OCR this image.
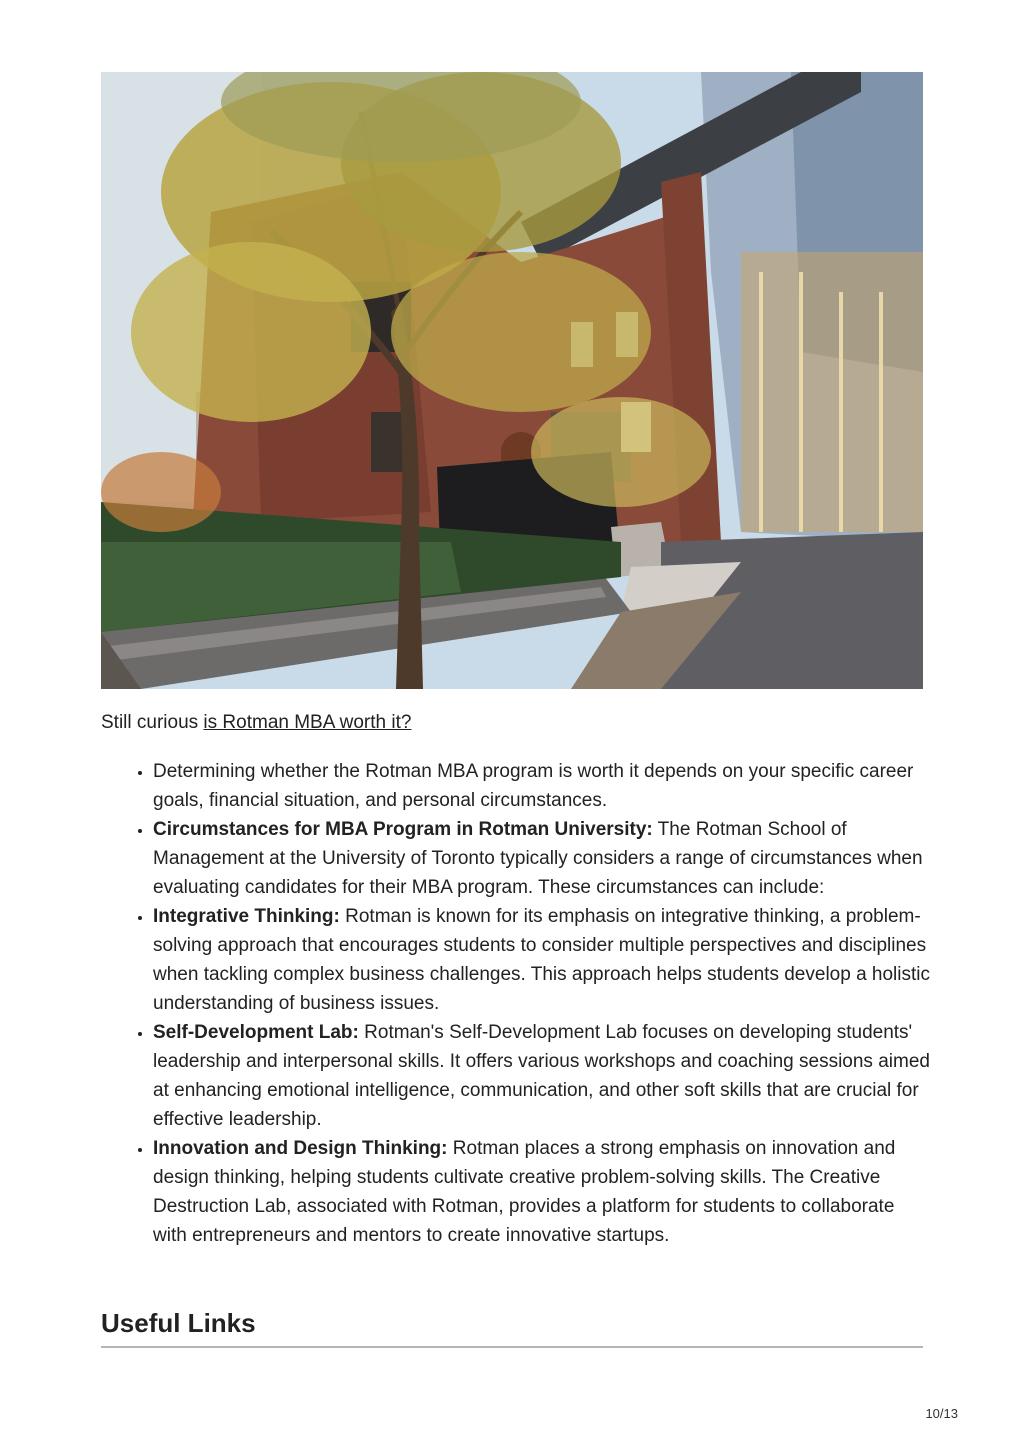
Still curious is Rotman MBA worth it?

• Determining whether the Rotman MBA program is worth it depends on your specific career goals, financial situation, and personal circumstances.
• Circumstances for MBA Program in Rotman University: The Rotman School of Management at the University of Toronto typically considers a range of circumstances when evaluating candidates for their MBA program. These circumstances can include:
• Integrative Thinking: Rotman is known for its emphasis on integrative thinking, a problem-solving approach that encourages students to consider multiple perspectives and disciplines when tackling complex business challenges. This approach helps students develop a holistic understanding of business issues.
• Self-Development Lab: Rotman's Self-Development Lab focuses on developing students' leadership and interpersonal skills. It offers various workshops and coaching sessions aimed at enhancing emotional intelligence, communication, and other soft skills that are crucial for effective leadership.
• Innovation and Design Thinking: Rotman places a strong emphasis on innovation and design thinking, helping students cultivate creative problem-solving skills. The Creative Destruction Lab, associated with Rotman, provides a platform for students to collaborate with entrepreneurs and mentors to create innovative startups.
Useful Links
10/13
